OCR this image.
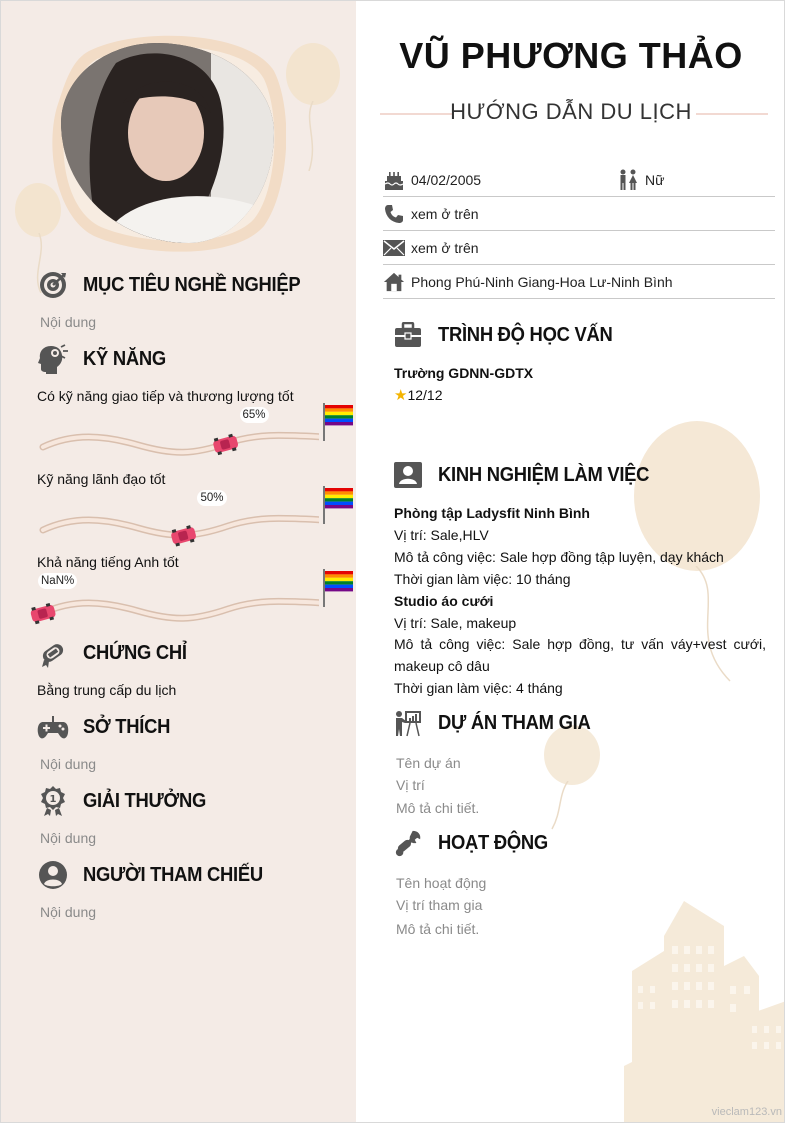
MỤC TIÊU NGHỀ NGHIỆP
Nội dung
KỸ NĂNG
Có kỹ năng giao tiếp và thương lượng tốt
Kỹ năng lãnh đạo tốt
Khả năng tiếng Anh tốt
CHỨNG CHỈ
Bằng trung cấp du lịch
SỞ THÍCH
Nội dung
1 GIẢI THƯỞNG
Nội dung
NGƯỜI THAM CHIẾU
Nội dung
65%
50%
NaN%
VŨ PHƯƠNG THẢO
HƯỚNG DẪN DU LỊCH
04/02/2005	Nữ
xem ở trên
xem ở trên
Phong Phú-Ninh Giang-Hoa Lư-Ninh Bình
TRÌNH ĐỘ HỌC VẤN
Trường GDNN-GDTX
★12/12
KINH NGHIỆM LÀM VIỆC
Phòng tập Ladysfit Ninh Bình
Vị trí: Sale,HLV
Mô tả công việc: Sale hợp đồng tập luyện, dạy khách
Thời gian làm việc: 10 tháng
Studio áo cưới
Vị trí: Sale, makeup
Mô tả công việc: Sale hợp đồng, tư vấn váy+vest cưới, makeup cô dâu
Thời gian làm việc: 4 tháng
DỰ ÁN THAM GIA
Tên dự án
Vị trí
Mô tả chi tiết.
HOẠT ĐỘNG
Tên hoạt động
Vị trí tham gia
Mô tả chi tiết.
vieclam123.vn
